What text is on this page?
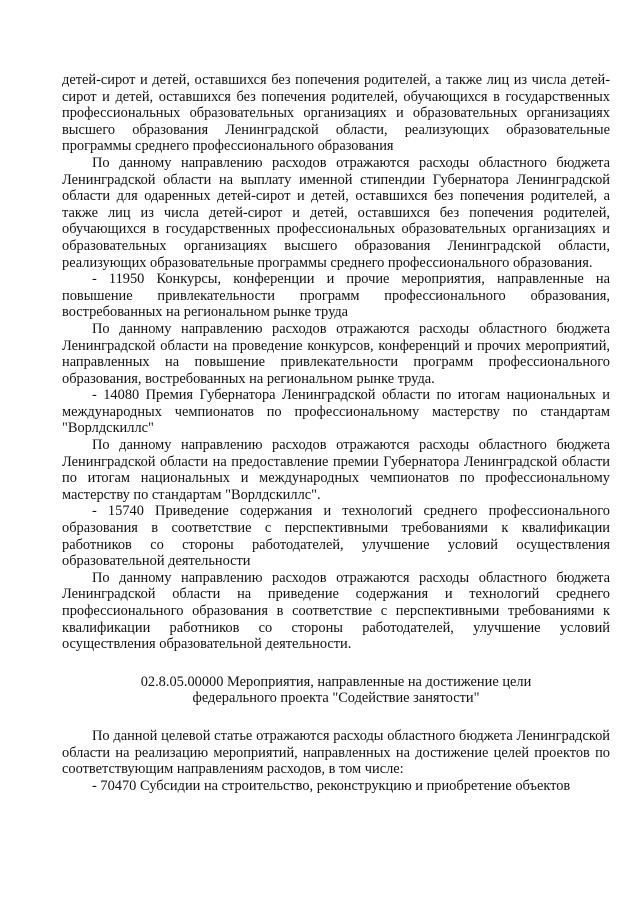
детей-сирот и детей, оставшихся без попечения родителей, а также лиц из числа детей-сирот и детей, оставшихся без попечения родителей, обучающихся в государственных профессиональных образовательных организациях и образовательных организациях высшего образования Ленинградской области, реализующих образовательные программы среднего профессионального образования

По данному направлению расходов отражаются расходы областного бюджета Ленинградской области на выплату именной стипендии Губернатора Ленинградской области для одаренных детей-сирот и детей, оставшихся без попечения родителей, а также лиц из числа детей-сирот и детей, оставшихся без попечения родителей, обучающихся в государственных профессиональных образовательных организациях и образовательных организациях высшего образования Ленинградской области, реализующих образовательные программы среднего профессионального образования.

- 11950 Конкурсы, конференции и прочие мероприятия, направленные на повышение привлекательности программ профессионального образования, востребованных на региональном рынке труда

По данному направлению расходов отражаются расходы областного бюджета Ленинградской области на проведение конкурсов, конференций и прочих мероприятий, направленных на повышение привлекательности программ профессионального образования, востребованных на региональном рынке труда.

- 14080 Премия Губернатора Ленинградской области по итогам национальных и международных чемпионатов по профессиональному мастерству по стандартам "Ворлдскиллс"

По данному направлению расходов отражаются расходы областного бюджета Ленинградской области на предоставление премии Губернатора Ленинградской области по итогам национальных и международных чемпионатов по профессиональному мастерству по стандартам "Ворлдскиллс".

- 15740 Приведение содержания и технологий среднего профессионального образования в соответствие с перспективными требованиями к квалификации работников со стороны работодателей, улучшение условий осуществления образовательной деятельности

По данному направлению расходов отражаются расходы областного бюджета Ленинградской области на приведение содержания и технологий среднего профессионального образования в соответствие с перспективными требованиями к квалификации работников со стороны работодателей, улучшение условий осуществления образовательной деятельности.

02.8.05.00000 Мероприятия, направленные на достижение цели
федерального проекта "Содействие занятости"

По данной целевой статье отражаются расходы областного бюджета Ленинградской области на реализацию мероприятий, направленных на достижение целей проектов по соответствующим направлениям расходов, в том числе:

- 70470 Субсидии на строительство, реконструкцию и приобретение объектов
